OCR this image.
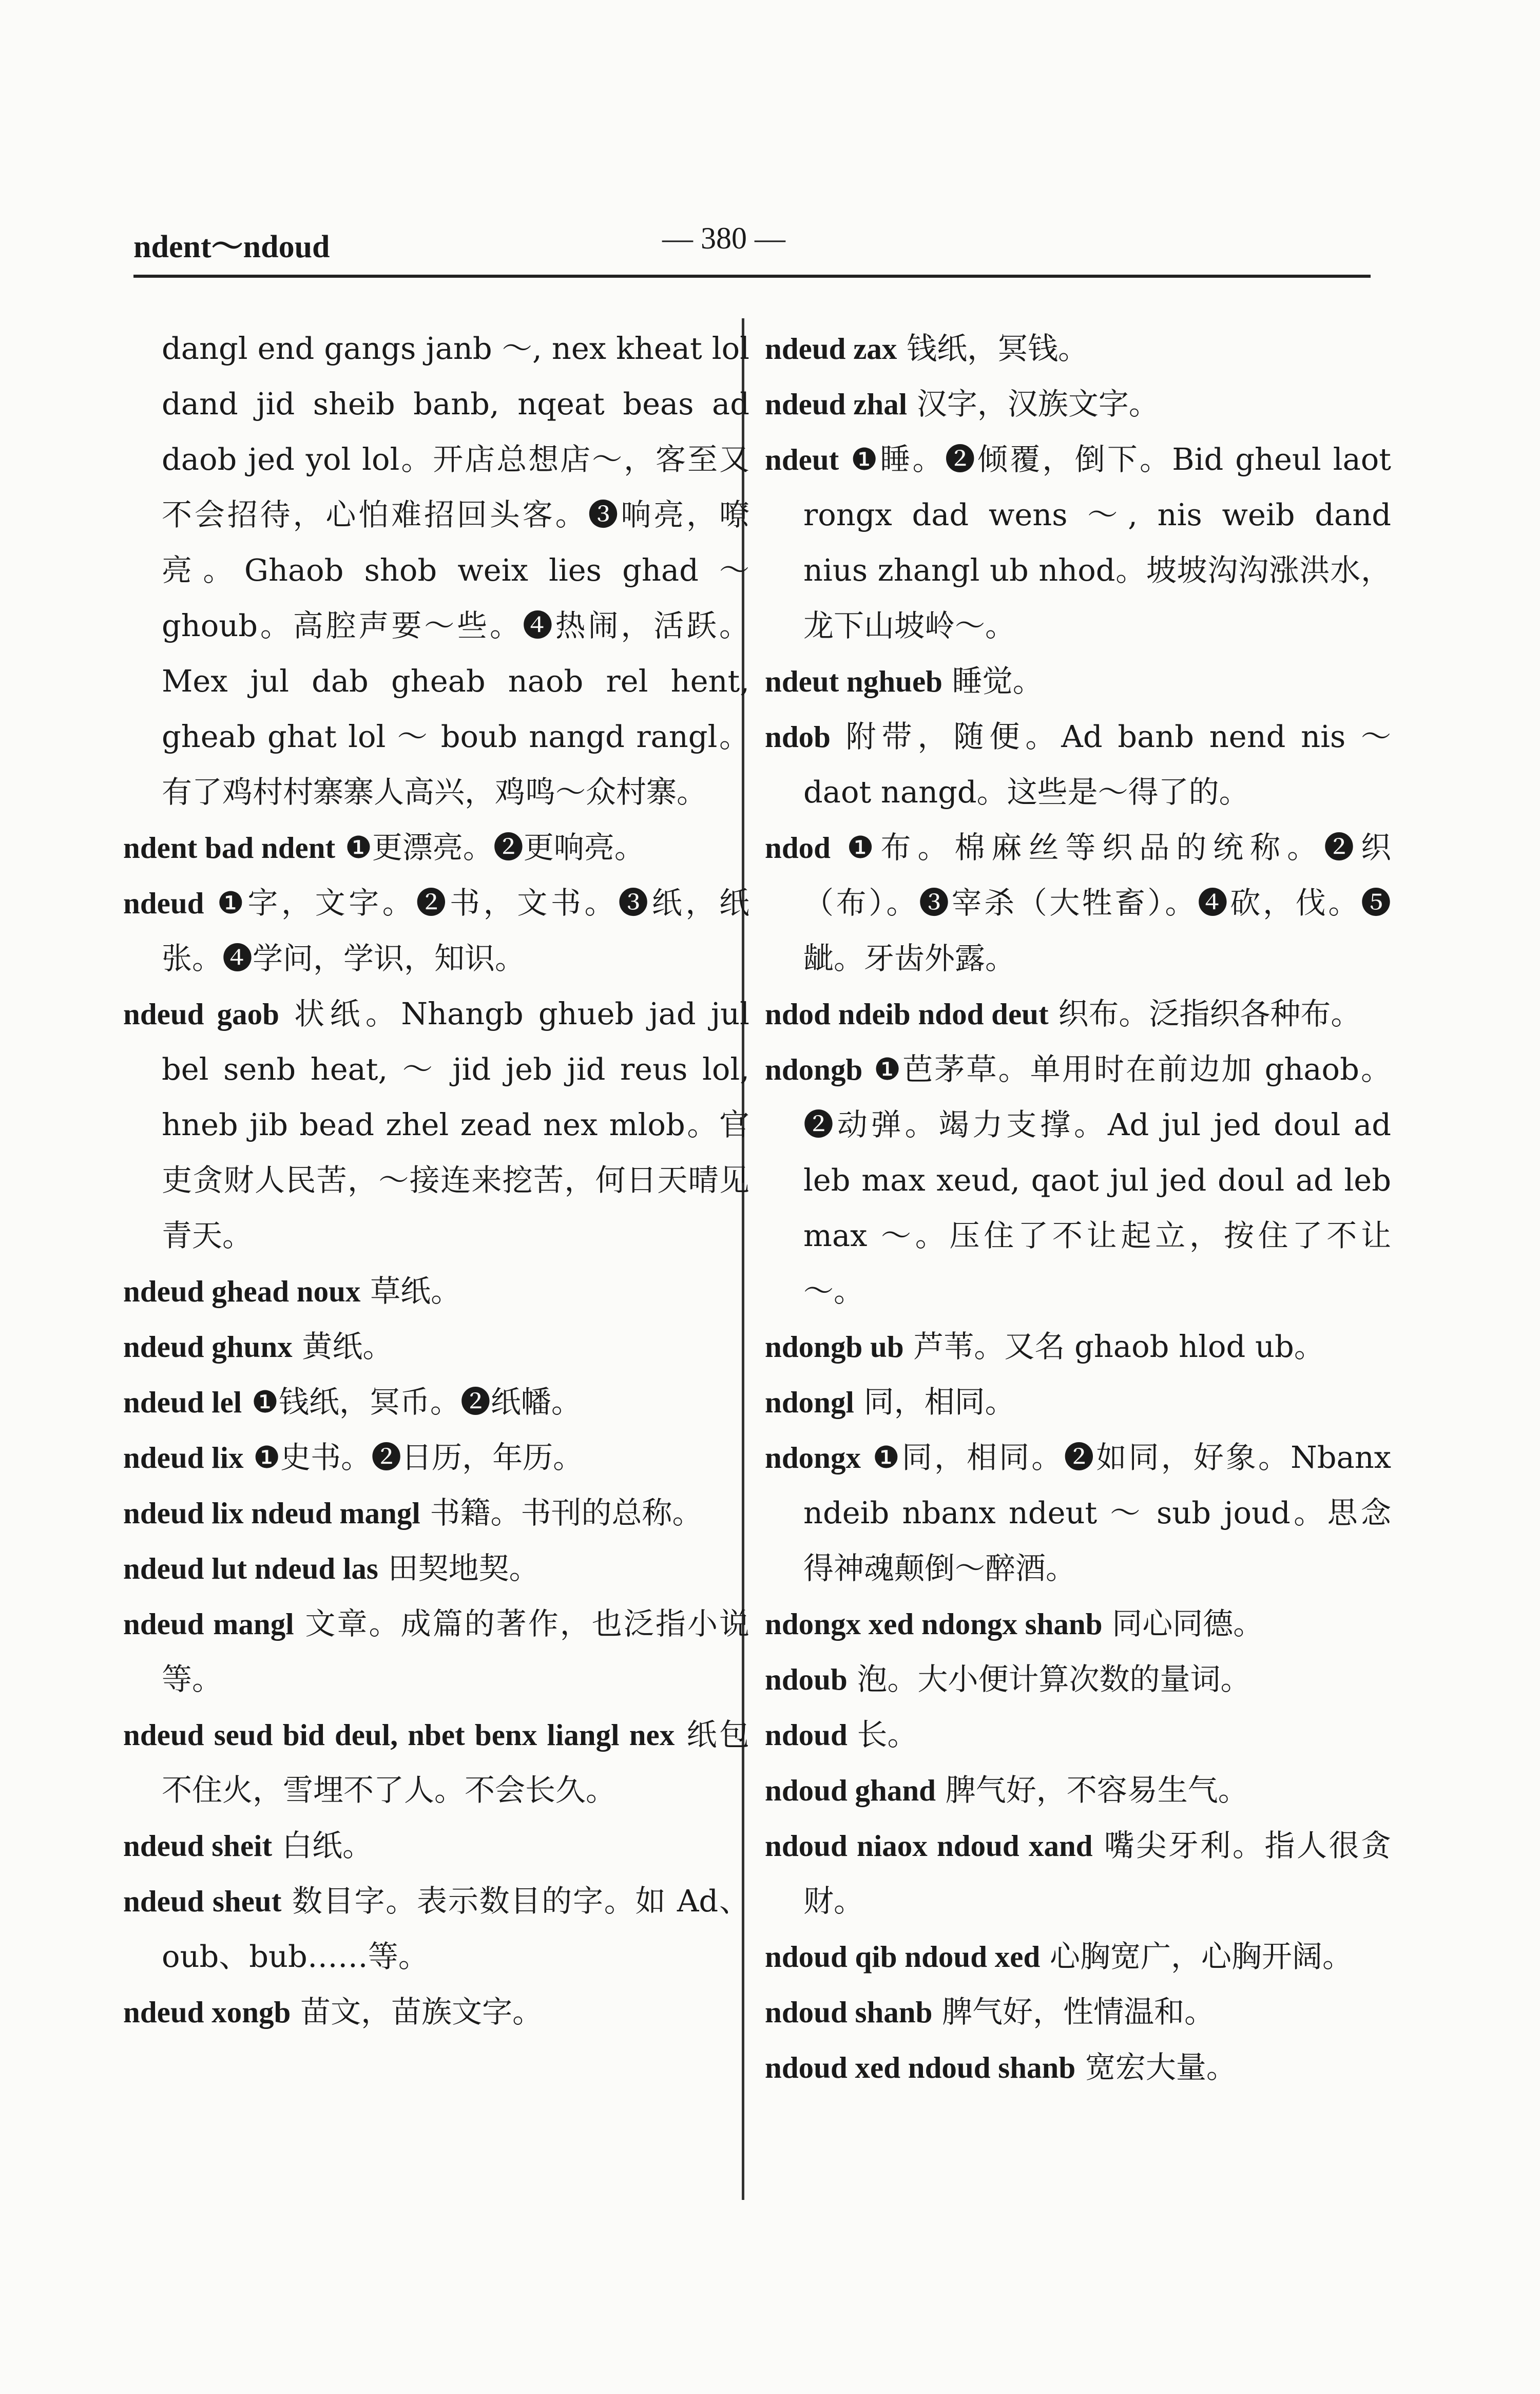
ndent～ndoud	— 380 —

dangl end gangs janb ～, nex kheat lol dand jid sheib banb, nqeat beas ad daob jed yol lol。开店总想店～，客至又不会招待，心怕难招回头客。❸响亮，嘹亮。Ghaob shob weix lies ghad ～ ghoub。高腔声要～些。❹热闹，活跃。Mex jul dab gheab naob rel hent, gheab ghat lol ～ boub nangd rangl。有了鸡村村寨寨人高兴，鸡鸣～众村寨。

ndent bad ndent ❶更漂亮。❷更响亮。

ndeud ❶字，文字。❷书，文书。❸纸，纸张。❹学问，学识，知识。

ndeud gaob 状纸。Nhangb ghueb jad jul bel senb heat, ～ jid jeb jid reus lol, hneb jib bead zhel zead nex mlob。官吏贪财人民苦，～接连来挖苦，何日天晴见青天。

ndeud ghead noux 草纸。

ndeud ghunx 黄纸。

ndeud lel ❶钱纸，冥币。❷纸幡。

ndeud lix ❶史书。❷日历，年历。

ndeud lix ndeud mangl 书籍。书刊的总称。

ndeud lut ndeud las 田契地契。

ndeud mangl 文章。成篇的著作，也泛指小说等。

ndeud seud bid deul, nbet benx liangl nex 纸包不住火，雪埋不了人。不会长久。

ndeud sheit 白纸。

ndeud sheut 数目字。表示数目的字。如 Ad、oub、bub……等。

ndeud xongb 苗文，苗族文字。

ndeud zax 钱纸，冥钱。

ndeud zhal 汉字，汉族文字。

ndeut ❶睡。❷倾覆，倒下。Bid gheul laot rongx dad wens ～, nis weib dand nius zhangl ub nhod。坡坡沟沟涨洪水，龙下山坡岭～。

ndeut nghueb 睡觉。

ndob 附带，随便。Ad banb nend nis ～ daot nangd。这些是～得了的。

ndod ❶布。棉麻丝等织品的统称。❷织（布）。❸宰杀（大牲畜）。❹砍，伐。❺龇。牙齿外露。

ndod ndeib ndod deut 织布。泛指织各种布。

ndongb ❶芭茅草。单用时在前边加 ghaob。❷动弹。竭力支撑。Ad jul jed doul ad leb max xeud, qaot jul jed doul ad leb max ～。压住了不让起立，按住了不让～。

ndongb ub 芦苇。又名 ghaob hlod ub。

ndongl 同，相同。

ndongx ❶同，相同。❷如同，好象。Nbanx ndeib nbanx ndeut ～ sub joud。思念得神魂颠倒～醉酒。

ndongx xed ndongx shanb 同心同德。

ndoub 泡。大小便计算次数的量词。

ndoud 长。

ndoud ghand 脾气好，不容易生气。

ndoud niaox ndoud xand 嘴尖牙利。指人很贪财。

ndoud qib ndoud xed 心胸宽广，心胸开阔。

ndoud shanb 脾气好，性情温和。

ndoud xed ndoud shanb 宽宏大量。
